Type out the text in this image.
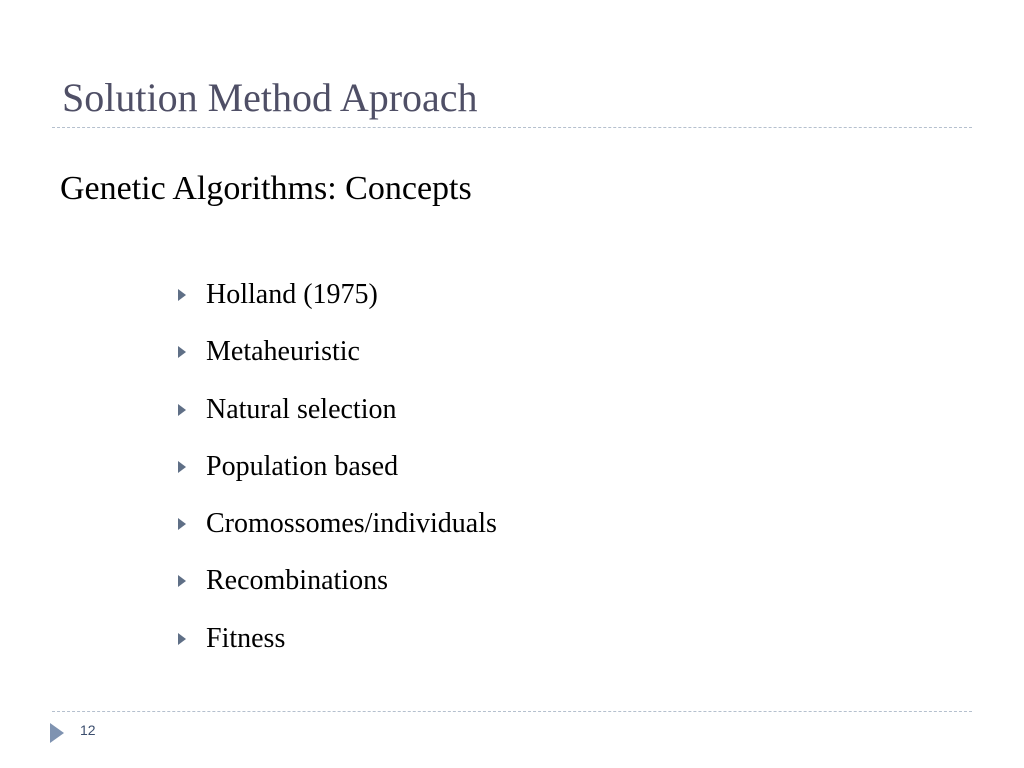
Solution Method Aproach
Genetic Algorithms: Concepts
Holland (1975)
Metaheuristic
Natural selection
Population based
Cromossomes/individuals
Recombinations
Fitness
12
